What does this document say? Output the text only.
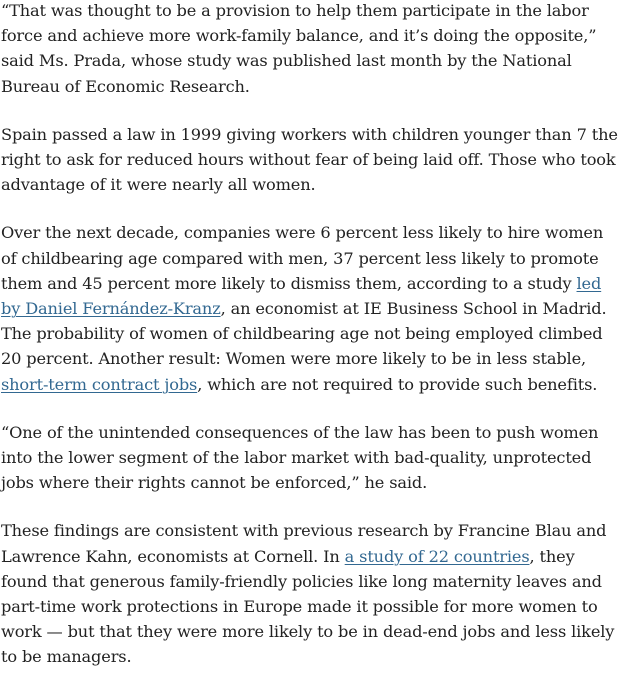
“That was thought to be a provision to help them participate in the labor force and achieve more work-family balance, and it’s doing the opposite,” said Ms. Prada, whose study was published last month by the National Bureau of Economic Research.

Spain passed a law in 1999 giving workers with children younger than 7 the right to ask for reduced hours without fear of being laid off. Those who took advantage of it were nearly all women.

Over the next decade, companies were 6 percent less likely to hire women of childbearing age compared with men, 37 percent less likely to promote them and 45 percent more likely to dismiss them, according to a study led by Daniel Fernández-Kranz, an economist at IE Business School in Madrid. The probability of women of childbearing age not being employed climbed 20 percent. Another result: Women were more likely to be in less stable, short-term contract jobs, which are not required to provide such benefits.

“One of the unintended consequences of the law has been to push women into the lower segment of the labor market with bad-quality, unprotected jobs where their rights cannot be enforced,” he said.

These findings are consistent with previous research by Francine Blau and Lawrence Kahn, economists at Cornell. In a study of 22 countries, they found that generous family-friendly policies like long maternity leaves and part-time work protections in Europe made it possible for more women to work — but that they were more likely to be in dead-end jobs and less likely to be managers.
